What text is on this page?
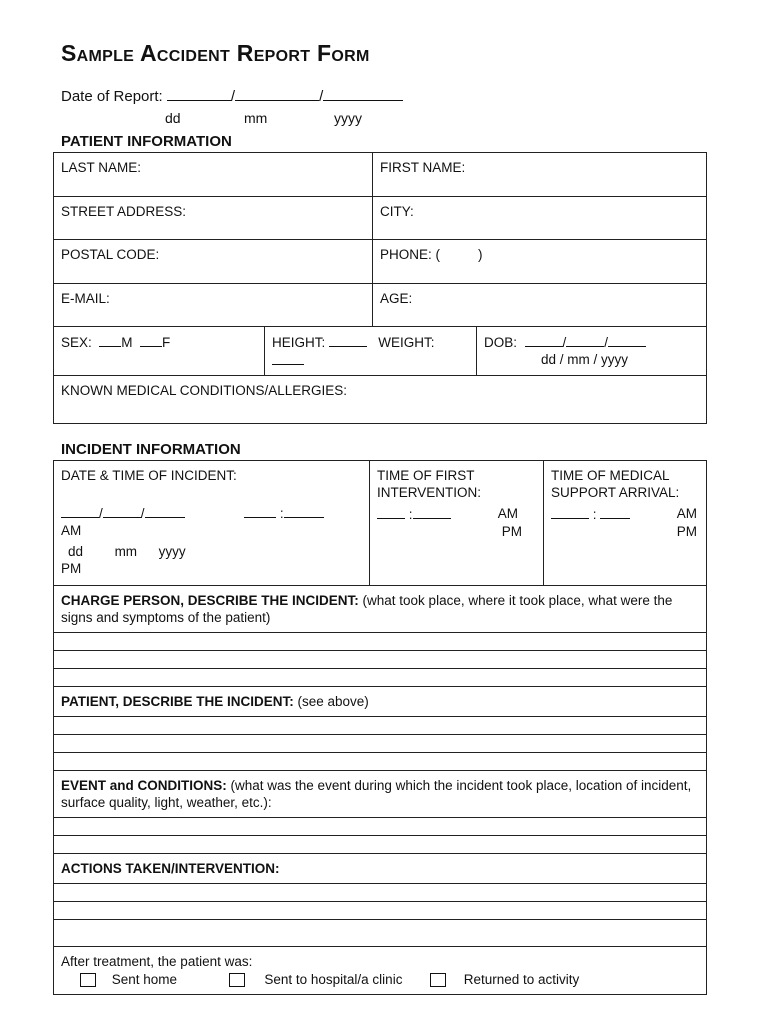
Sample Accident Report Form
Date of Report:	/	/
dd	mm	yyyy
PATIENT INFORMATION
LAST NAME:		FIRST NAME:	
STREET ADDRESS:		CITY:	
POSTAL CODE:		PHONE: ( )	
E-MAIL:		AGE:	
SEX: M F	HEIGHT: WEIGHT:		DOB: / /

dd / mm / yyyy

KNOWN MEDICAL CONDITIONS/ALLERGIES:			
INCIDENT INFORMATION
DATE & TIME OF INCIDENT:
/	/	:
AM
dd mm yyyy
PM

TIME OF FIRST INTERVENTION:
:	AM
PM

TIME OF MEDICAL SUPPORT ARRIVAL:
:	AM
PM

CHARGE PERSON, DESCRIBE THE INCIDENT: (what took place, where it took place, what were the signs and symptoms of the patient)

PATIENT, DESCRIBE THE INCIDENT: (see above)

EVENT and CONDITIONS: (what was the event during which the incident took place, location of incident, surface quality, light, weather, etc.):

ACTIONS TAKEN/INTERVENTION:

After treatment, the patient was:
Sent home	Sent to hospital/a clinic	Returned to activity
